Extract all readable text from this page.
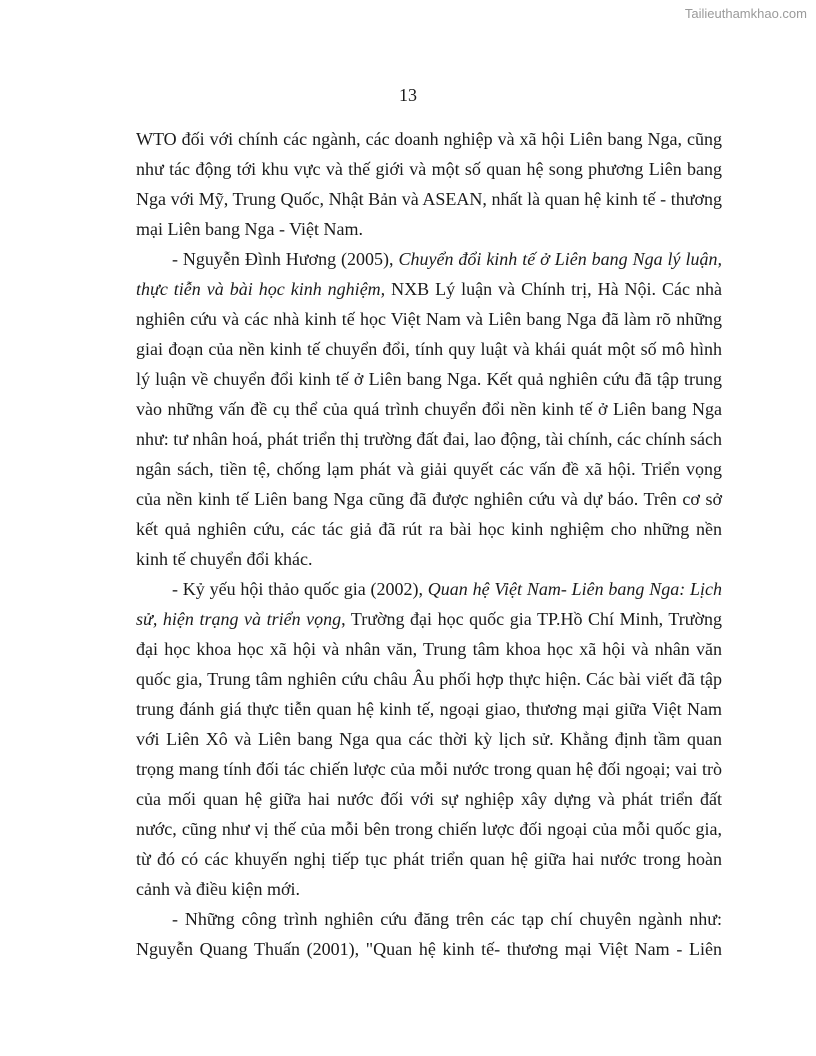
Tailieuthamkhao.com
13

WTO đối với chính các ngành, các doanh nghiệp và xã hội Liên bang Nga, cũng như tác động tới khu vực và thế giới và một số quan hệ song phương Liên bang Nga với Mỹ, Trung Quốc, Nhật Bản và ASEAN, nhất là quan hệ kinh tế - thương mại Liên bang Nga - Việt Nam.

- Nguyễn Đình Hương (2005), Chuyển đổi kinh tế ở Liên bang Nga lý luận, thực tiễn và bài học kinh nghiệm, NXB Lý luận và Chính trị, Hà Nội. Các nhà nghiên cứu và các nhà kinh tế học Việt Nam và Liên bang Nga đã làm rõ những giai đoạn của nền kinh tế chuyển đổi, tính quy luật và khái quát một số mô hình lý luận về chuyển đổi kinh tế ở Liên bang Nga. Kết quả nghiên cứu đã tập trung vào những vấn đề cụ thể của quá trình chuyển đổi nền kinh tế ở Liên bang Nga như: tư nhân hoá, phát triển thị trường đất đai, lao động, tài chính, các chính sách ngân sách, tiền tệ, chống lạm phát và giải quyết các vấn đề xã hội. Triển vọng của nền kinh tế Liên bang Nga cũng đã được nghiên cứu và dự báo. Trên cơ sở kết quả nghiên cứu, các tác giả đã rút ra bài học kinh nghiệm cho những nền kinh tế chuyển đổi khác.

- Kỷ yếu hội thảo quốc gia (2002), Quan hệ Việt Nam- Liên bang Nga: Lịch sử, hiện trạng và triển vọng, Trường đại học quốc gia TP.Hồ Chí Minh, Trường đại học khoa học xã hội và nhân văn, Trung tâm khoa học xã hội và nhân văn quốc gia, Trung tâm nghiên cứu châu Âu phối hợp thực hiện. Các bài viết đã tập trung đánh giá thực tiễn quan hệ kinh tế, ngoại giao, thương mại giữa Việt Nam với Liên Xô và Liên bang Nga qua các thời kỳ lịch sử. Khẳng định tầm quan trọng mang tính đối tác chiến lược của mỗi nước trong quan hệ đối ngoại; vai trò của mối quan hệ giữa hai nước đối với sự nghiệp xây dựng và phát triển đất nước, cũng như vị thế của mỗi bên trong chiến lược đối ngoại của mỗi quốc gia, từ đó có các khuyến nghị tiếp tục phát triển quan hệ giữa hai nước trong hoàn cảnh và điều kiện mới.

- Những công trình nghiên cứu đăng trên các tạp chí chuyên ngành như: Nguyễn Quang Thuấn (2001), "Quan hệ kinh tế- thương mại Việt Nam - Liên
